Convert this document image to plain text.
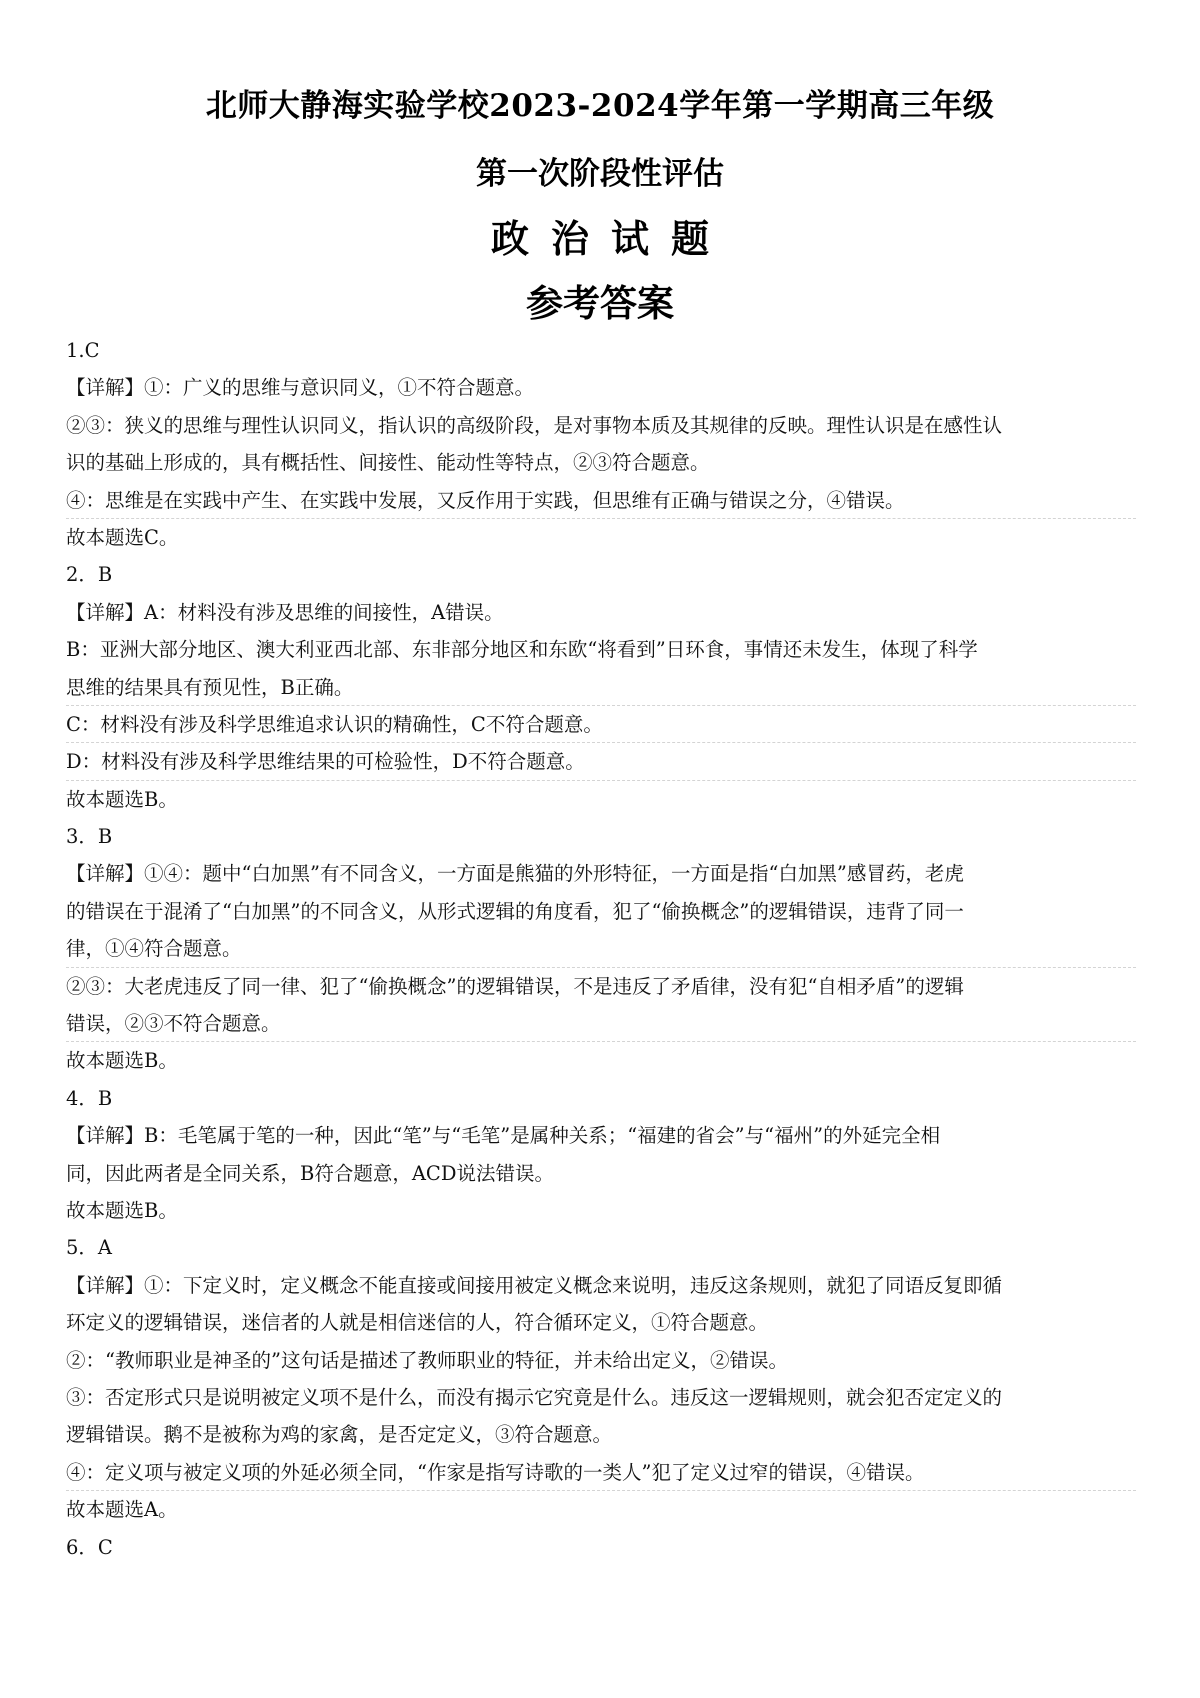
北师大静海实验学校2023-2024学年第一学期高三年级
第一次阶段性评估
政治试题
参考答案
1.C
【详解】①：广义的思维与意识同义，①不符合题意。
②③：狭义的思维与理性认识同义，指认识的高级阶段，是对事物本质及其规律的反映。理性认识是在感性认
识的基础上形成的，具有概括性、间接性、能动性等特点，②③符合题意。
④：思维是在实践中产生、在实践中发展，又反作用于实践，但思维有正确与错误之分，④错误。
故本题选C。
2．B
【详解】A：材料没有涉及思维的间接性，A错误。
B：亚洲大部分地区、澳大利亚西北部、东非部分地区和东欧“将看到”日环食，事情还未发生，体现了科学
思维的结果具有预见性，B正确。
C：材料没有涉及科学思维追求认识的精确性，C不符合题意。
D：材料没有涉及科学思维结果的可检验性，D不符合题意。
故本题选B。
3．B
【详解】①④：题中“白加黑”有不同含义，一方面是熊猫的外形特征，一方面是指“白加黑”感冒药，老虎
的错误在于混淆了“白加黑”的不同含义，从形式逻辑的角度看，犯了“偷换概念”的逻辑错误，违背了同一
律，①④符合题意。
②③：大老虎违反了同一律、犯了“偷换概念”的逻辑错误，不是违反了矛盾律，没有犯“自相矛盾”的逻辑
错误，②③不符合题意。
故本题选B。
4．B
【详解】B：毛笔属于笔的一种，因此“笔”与“毛笔”是属种关系；“福建的省会”与“福州”的外延完全相
同，因此两者是全同关系，B符合题意，ACD说法错误。
故本题选B。
5．A
【详解】①：下定义时，定义概念不能直接或间接用被定义概念来说明，违反这条规则，就犯了同语反复即循
环定义的逻辑错误，迷信者的人就是相信迷信的人，符合循环定义，①符合题意。
②：“教师职业是神圣的”这句话是描述了教师职业的特征，并未给出定义，②错误。
③：否定形式只是说明被定义项不是什么，而没有揭示它究竟是什么。违反这一逻辑规则，就会犯否定定义的
逻辑错误。鹅不是被称为鸡的家禽，是否定定义，③符合题意。
④：定义项与被定义项的外延必须全同，“作家是指写诗歌的一类人”犯了定义过窄的错误，④错误。
故本题选A。
6．C
